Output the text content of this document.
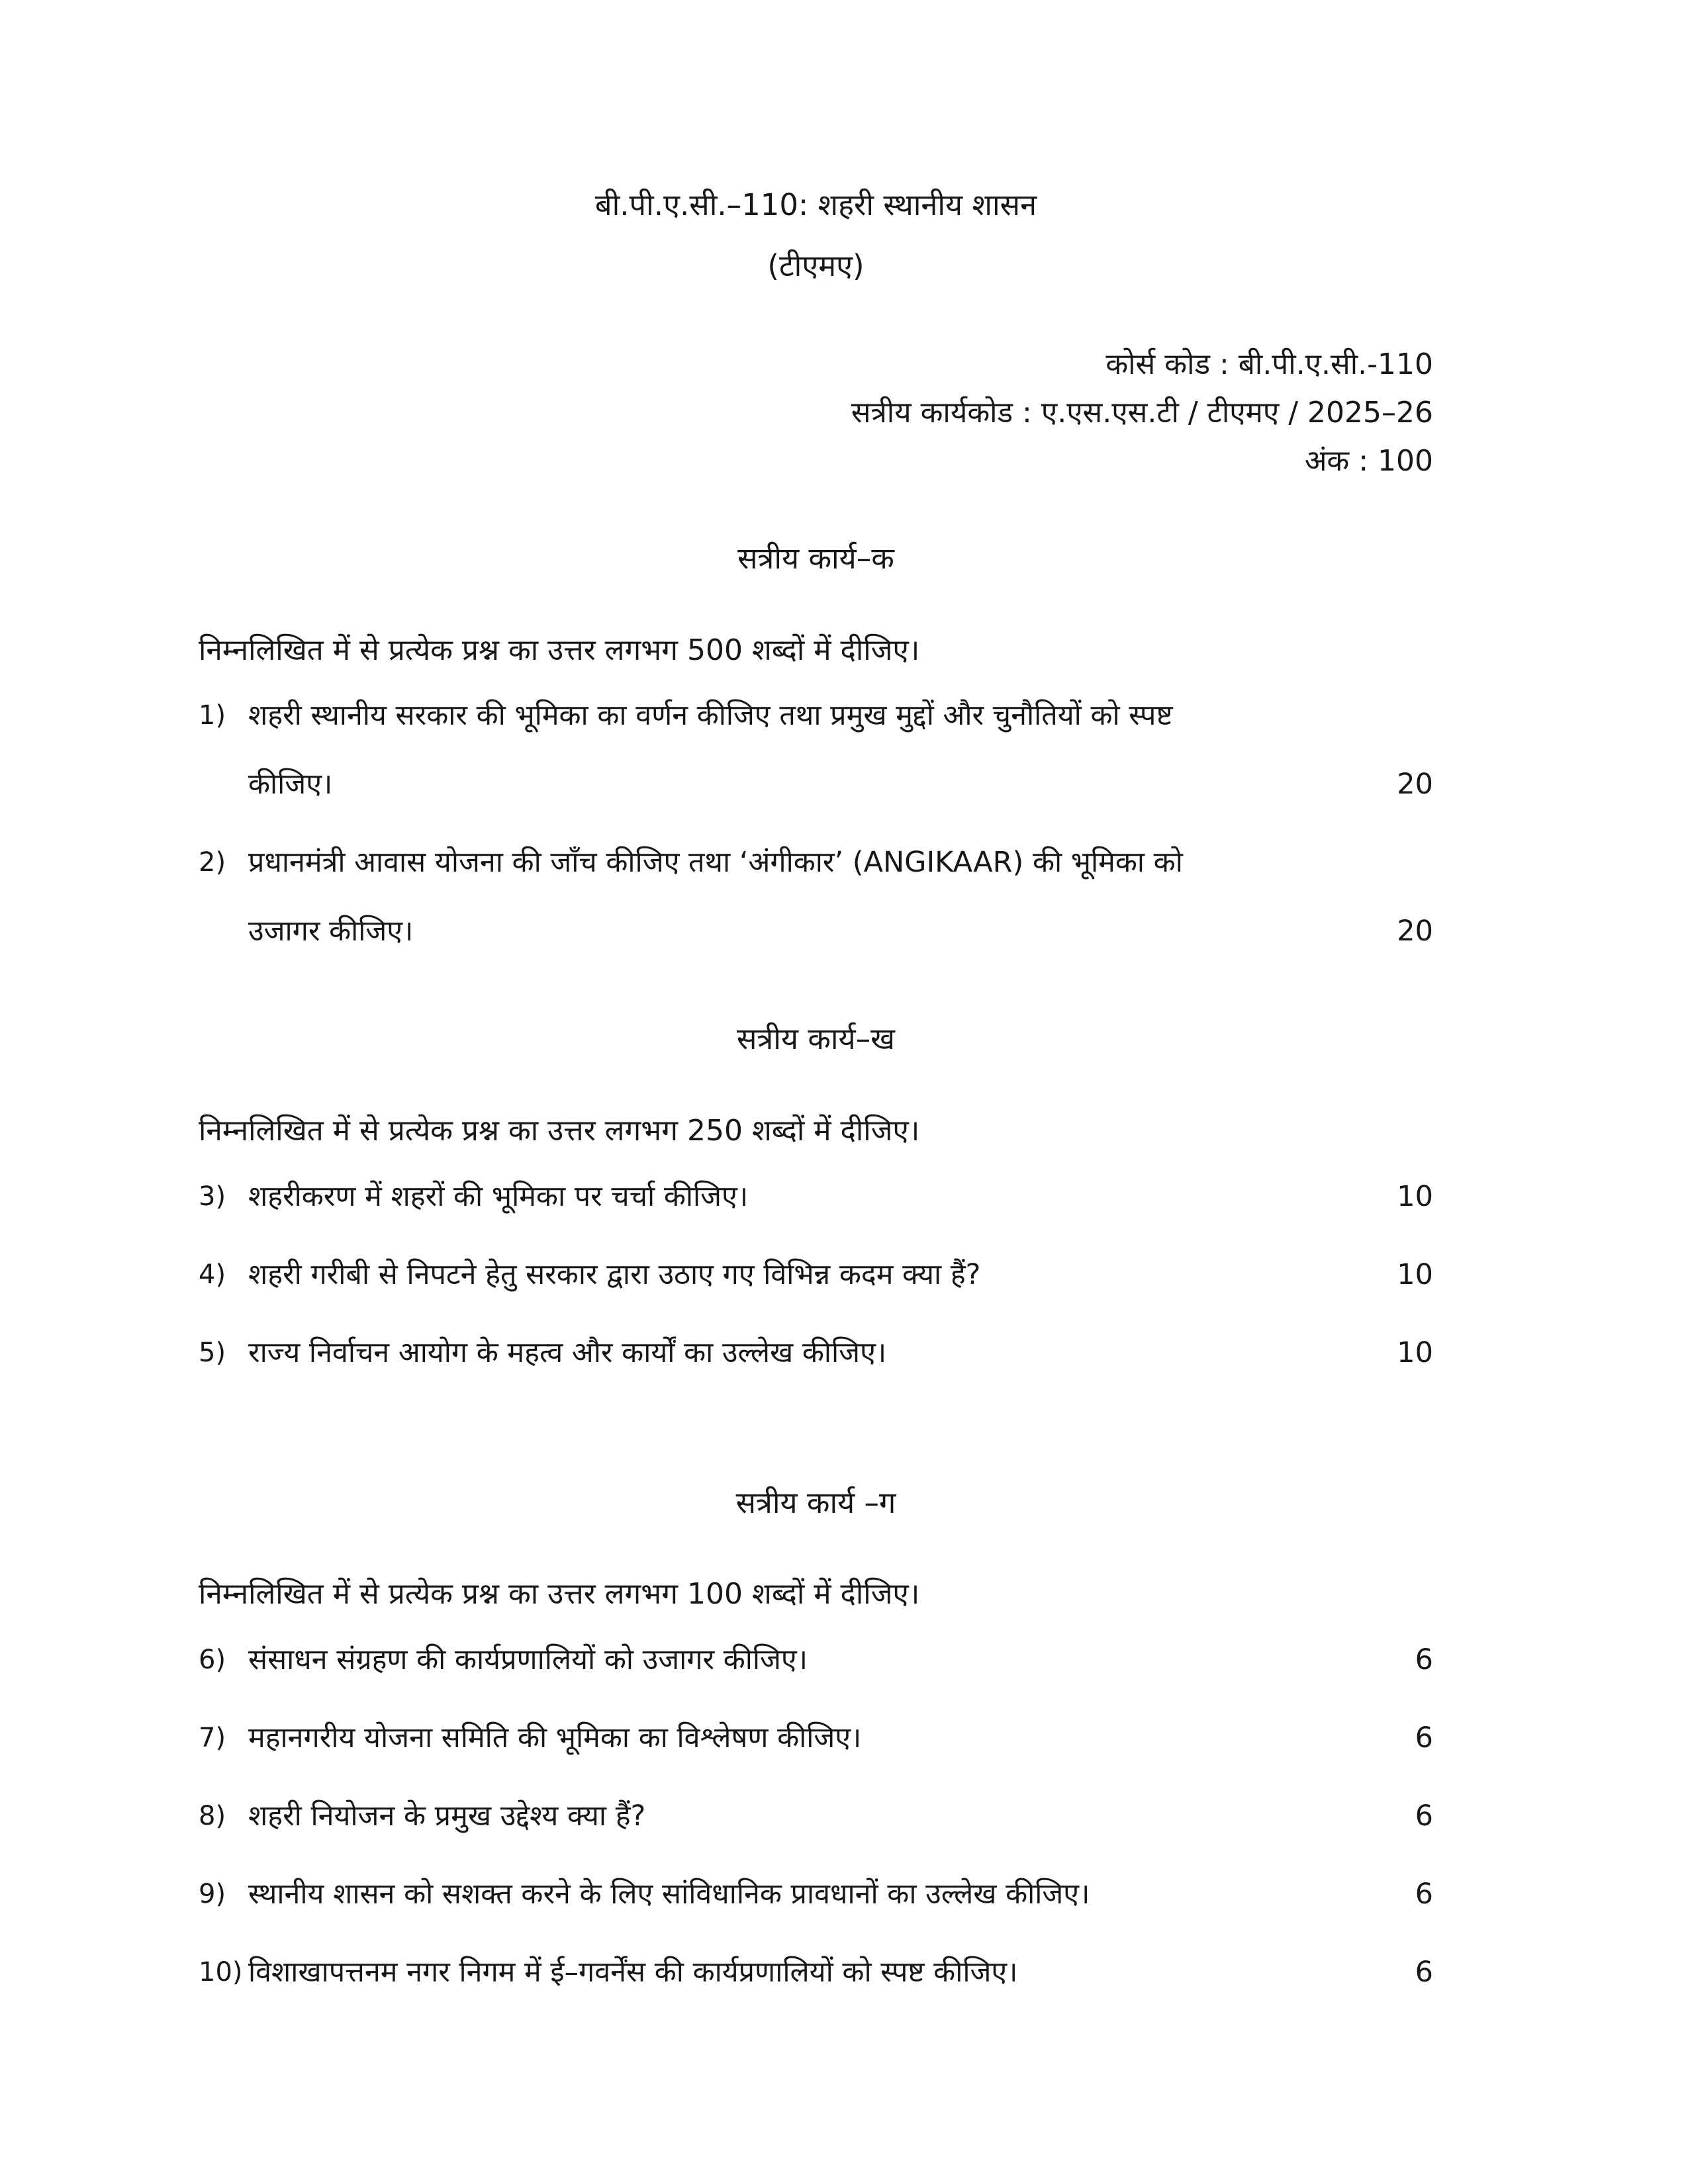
बी.पी.ए.सी.–110: शहरी स्थानीय शासन
(टीएमए)
कोर्स कोड : बी.पी.ए.सी.-110
सत्रीय कार्यकोड : ए.एस.एस.टी / टीएमए / 2025–26
अंक : 100
सत्रीय कार्य–क
निम्नलिखित में से प्रत्येक प्रश्न का उत्तर लगभग 500 शब्दों में दीजिए।
1) शहरी स्थानीय सरकार की भूमिका का वर्णन कीजिए तथा प्रमुख मुद्दों और चुनौतियों को स्पष्ट कीजिए।	20
2) प्रधानमंत्री आवास योजना की जाँच कीजिए तथा ‘अंगीकार’ (ANGIKAAR) की भूमिका को उजागर कीजिए।	20
सत्रीय कार्य–ख
निम्नलिखित में से प्रत्येक प्रश्न का उत्तर लगभग 250 शब्दों में दीजिए।
3) शहरीकरण में शहरों की भूमिका पर चर्चा कीजिए।	10
4) शहरी गरीबी से निपटने हेतु सरकार द्वारा उठाए गए विभिन्न कदम क्या हैं?	10
5) राज्य निर्वाचन आयोग के महत्व और कार्यों का उल्लेख कीजिए।	10
सत्रीय कार्य –ग
निम्नलिखित में से प्रत्येक प्रश्न का उत्तर लगभग 100 शब्दों में दीजिए।
6) संसाधन संग्रहण की कार्यप्रणालियों को उजागर कीजिए।	6
7) महानगरीय योजना समिति की भूमिका का विश्लेषण कीजिए।	6
8) शहरी नियोजन के प्रमुख उद्देश्य क्या हैं?	6
9) स्थानीय शासन को सशक्त करने के लिए सांविधानिक प्रावधानों का उल्लेख कीजिए।	6
10) विशाखापत्तनम नगर निगम में ई–गवर्नेंस की कार्यप्रणालियों को स्पष्ट कीजिए।	6
